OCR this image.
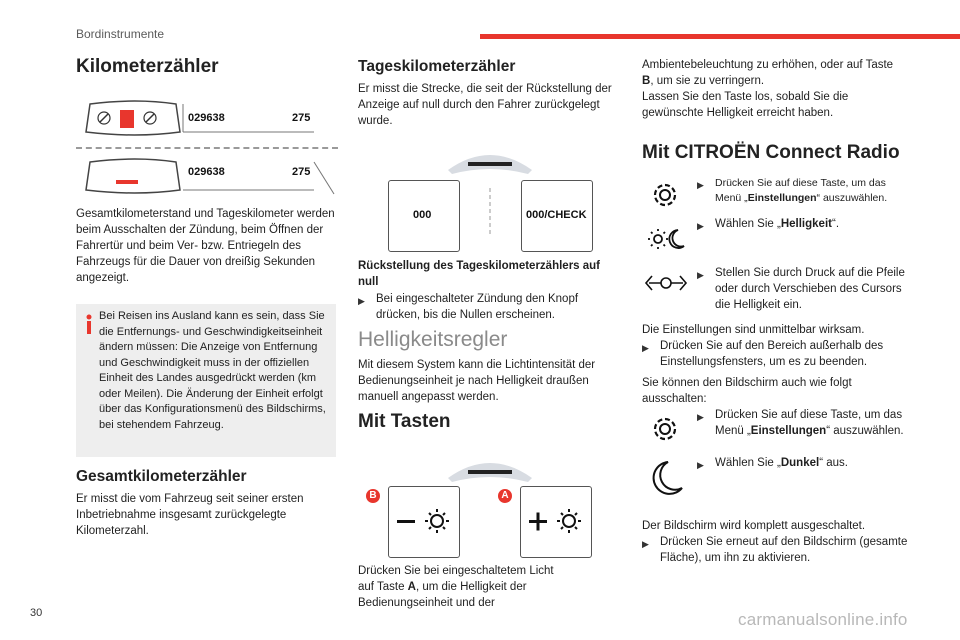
Bordinstrumente
Kilometerzähler
029638	275
029638	275
Gesamtkilometerstand und Tageskilometer werden beim Ausschalten der Zündung, beim Öffnen der Fahrertür und beim Ver- bzw. Entriegeln des Fahrzeugs für die Dauer von dreißig Sekunden angezeigt.
Bei Reisen ins Ausland kann es sein, dass Sie die Entfernungs- und Geschwindigkeitseinheit ändern müssen: Die Anzeige von Entfernung und Geschwindigkeit muss in der offiziellen Einheit des Landes ausgedrückt werden (km oder Meilen). Die Änderung der Einheit erfolgt über das Konfigurationsmenü des Bildschirms, bei stehendem Fahrzeug.
Gesamtkilometerzähler
Er misst die vom Fahrzeug seit seiner ersten Inbetriebnahme insgesamt zurückgelegte Kilometerzahl.
30
Tageskilometerzähler
Er misst die Strecke, die seit der Rückstellung der Anzeige auf null durch den Fahrer zurückgelegt wurde.
000	000/CHECK
Rückstellung des Tageskilometerzählers auf null
▶ Bei eingeschalteter Zündung den Knopf drücken, bis die Nullen erscheinen.
Helligkeitsregler
Mit diesem System kann die Lichtintensität der Bedienungseinheit je nach Helligkeit draußen manuell angepasst werden.
Mit Tasten
B	A
Drücken Sie bei eingeschaltetem Licht auf Taste A, um die Helligkeit der Bedienungseinheit und der
Ambientebeleuchtung zu erhöhen, oder auf Taste B, um sie zu verringern.
Lassen Sie den Taste los, sobald Sie die gewünschte Helligkeit erreicht haben.
Mit CITROËN Connect Radio
▶ Drücken Sie auf diese Taste, um das Menü „Einstellungen“ auszuwählen.
▶ Wählen Sie „Helligkeit“.
▶ Stellen Sie durch Druck auf die Pfeile oder durch Verschieben des Cursors die Helligkeit ein.
Die Einstellungen sind unmittelbar wirksam.
▶ Drücken Sie auf den Bereich außerhalb des Einstellungsfensters, um es zu beenden.
Sie können den Bildschirm auch wie folgt ausschalten:
▶ Drücken Sie auf diese Taste, um das Menü „Einstellungen“ auszuwählen.
▶ Wählen Sie „Dunkel“ aus.
Der Bildschirm wird komplett ausgeschaltet.
▶ Drücken Sie erneut auf den Bildschirm (gesamte Fläche), um ihn zu aktivieren.
carmanualsonline.info
